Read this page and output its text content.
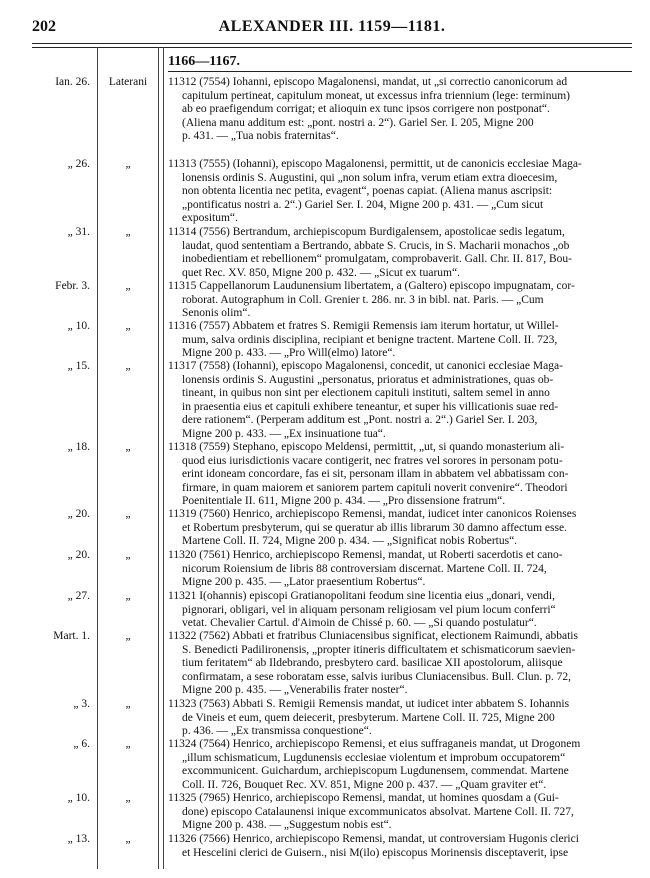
202	ALEXANDER III. 1159—1181.
1166—1167.
Ian. 26.	Laterani	11312 (7554) Iohanni, episcopo Magalonensi, mandat, ut „si correctio canonicorum ad
capitulum pertineat, capitulum moneat, ut excessus infra triennium (lege: terminum)
ab eo praefigendum corrigat; et alioquin ex tunc ipsos corrigere non postponat“.
(Aliena manu additum est: „pont. nostri a. 2“). Gariel Ser. I. 205, Migne 200
p. 431. — „Tua nobis fraternitas“.
„ 26.	„	11313 (7555) (Iohanni), episcopo Magalonensi, permittit, ut de canonicis ecclesiae Maga-
lonensis ordinis S. Augustini, qui „non solum infra, verum etiam extra dioecesim,
non obtenta licentia nec petita, evagent“, poenas capiat. (Aliena manus ascripsit:
„pontificatus nostri a. 2“.) Gariel Ser. I. 204, Migne 200 p. 431. — „Cum sicut
expositum“.
„ 31.	„	11314 (7556) Bertrandum, archiepiscopum Burdigalensem, apostolicae sedis legatum,
laudat, quod sententiam a Bertrando, abbate S. Crucis, in S. Macharii monachos „ob
inobedientiam et rebellionem“ promulgatam, comprobaverit. Gall. Chr. II. 817, Bou-
quet Rec. XV. 850, Migne 200 p. 432. — „Sicut ex tuarum“.
Febr. 3.	„	11315 Cappellanorum Laudunensium libertatem, a (Galtero) episcopo impugnatam, cor-
roborat. Autographum in Coll. Grenier t. 286. nr. 3 in bibl. nat. Paris. — „Cum
Senonis olim“.
„ 10.	„	11316 (7557) Abbatem et fratres S. Remigii Remensis iam iterum hortatur, ut Willel-
mum, salva ordinis disciplina, recipiant et benigne tractent. Martene Coll. II. 723,
Migne 200 p. 433. — „Pro Will(elmo) latore“.
„ 15.	„	11317 (7558) (Iohanni), episcopo Magalonensi, concedit, ut canonici ecclesiae Maga-
lonensis ordinis S. Augustini „personatus, prioratus et administrationes, quas ob-
tineant, in quibus non sint per electionem capituli instituti, saltem semel in anno
in praesentia eius et capituli exhibere teneantur, et super his villicationis suae red-
dere rationem“. (Perperam additum est „Pont. nostri a. 2“.) Gariel Ser. I. 203,
Migne 200 p. 433. — „Ex insinuatione tua“.
„ 18.	„	11318 (7559) Stephano, episcopo Meldensi, permittit, „ut, si quando monasterium ali-
quod eius iurisdictionis vacare contigerit, nec fratres vel sorores in personam potu-
erint idoneam concordare, fas ei sit, personam illam in abbatem vel abbatissam con-
firmare, in quam maiorem et saniorem partem capituli noverit convenire“. Theodori
Poenitentiale II. 611, Migne 200 p. 434. — „Pro dissensione fratrum“.
„ 20.	„	11319 (7560) Henrico, archiepiscopo Remensi, mandat, iudicet inter canonicos Roienses
et Robertum presbyterum, qui se queratur ab illis librarum 30 damno affectum esse.
Martene Coll. II. 724, Migne 200 p. 434. — „Significat nobis Robertus“.
„ 20.	„	11320 (7561) Henrico, archiepiscopo Remensi, mandat, ut Roberti sacerdotis et cano-
nicorum Roiensium de libris 88 controversiam discernat. Martene Coll. II. 724,
Migne 200 p. 435. — „Lator praesentium Robertus“.
„ 27.	„	11321 I(ohannis) episcopi Gratianopolitani feodum sine licentia eius „donari, vendi,
pignorari, obligari, vel in aliquam personam religiosam vel pium locum conferri“
vetat. Chevalier Cartul. d'Aimoin de Chissé p. 60. — „Si quando postulatur“.
Mart. 1.	„	11322 (7562) Abbati et fratribus Cluniacensibus significat, electionem Raimundi, abbatis
S. Benedicti Padilironensis, „propter itineris difficultatem et schismaticorum saevien-
tium feritatem“ ab Ildebrando, presbytero card. basilicae XII apostolorum, aliisque
confirmatam, a sese roboratam esse, salvis iuribus Cluniacensibus. Bull. Clun. p. 72,
Migne 200 p. 435. — „Venerabilis frater noster“.
„ 3.	„	11323 (7563) Abbati S. Remigii Remensis mandat, ut iudicet inter abbatem S. Iohannis
de Vineis et eum, quem deiecerit, presbyterum. Martene Coll. II. 725, Migne 200
p. 436. — „Ex transmissa conquestione“.
„ 6.	„	11324 (7564) Henrico, archiepiscopo Remensi, et eius suffraganeis mandat, ut Drogonem
„illum schismaticum, Lugdunensis ecclesiae violentum et improbum occupatorem“
excommunicent. Guichardum, archiepiscopum Lugdunensem, commendat. Martene
Coll. II. 726, Bouquet Rec. XV. 851, Migne 200 p. 437. — „Quam graviter et“.
„ 10.	„	11325 (7965) Henrico, archiepiscopo Remensi, mandat, ut homines quosdam a (Gui-
done) episcopo Catalaunensi inique excommunicatos absolvat. Martene Coll. II. 727,
Migne 200 p. 438. — „Suggestum nobis est“.
„ 13.	„	11326 (7566) Henrico, archiepiscopo Remensi, mandat, ut controversiam Hugonis clerici
et Hescelini clerici de Guisern., nisi M(ilo) episcopus Morinensis disceptaverit, ipse
